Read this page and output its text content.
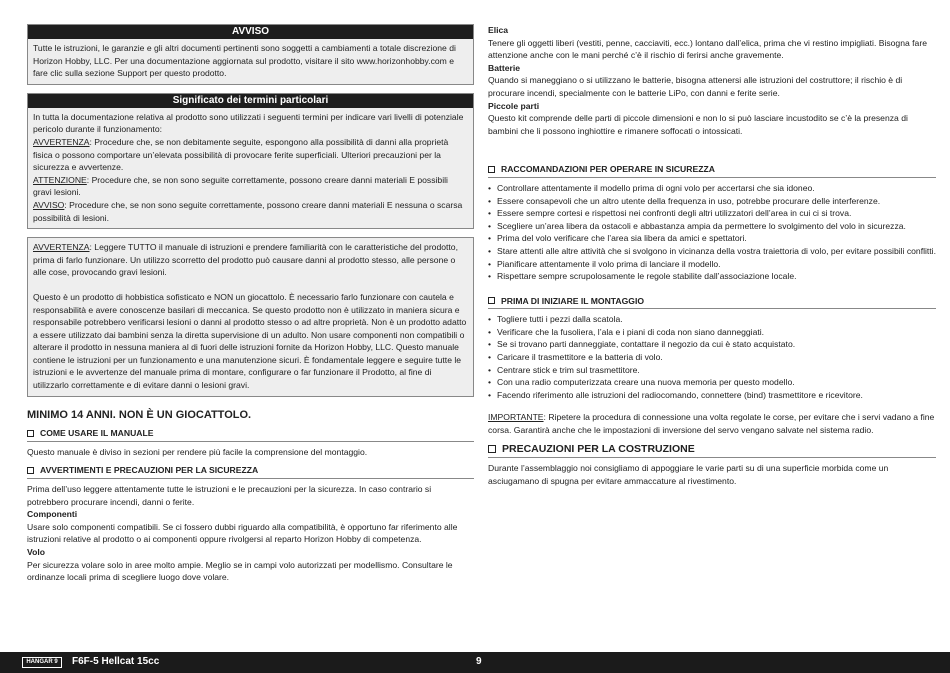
AVVISO

Tutte le istruzioni, le garanzie e gli altri documenti pertinenti sono soggetti a cambiamenti a totale discrezione di Horizon Hobby, LLC. Per una documentazione aggiornata sul prodotto, visitare il sito www.horizonhobby.com e fare clic sulla sezione Support per questo prodotto.

Significato dei termini particolari

In tutta la documentazione relativa al prodotto sono utilizzati i seguenti termini per indicare vari livelli di potenziale pericolo durante il funzionamento:

AVVERTENZA: Procedure che, se non debitamente seguite, espongono alla possibilità di danni alla proprietà fisica o possono comportare un’elevata possibilità di provocare ferite superficiali. Ulteriori precauzioni per la sicurezza e avvertenze.

ATTENZIONE: Procedure che, se non sono seguite correttamente, possono creare danni materiali E possibili gravi lesioni.

AVVISO: Procedure che, se non sono seguite correttamente, possono creare danni materiali E nessuna o scarsa possibilità di lesioni.

AVVERTENZA: Leggere TUTTO il manuale di istruzioni e prendere familiarità con le caratteristiche del prodotto, prima di farlo funzionare. Un utilizzo scorretto del prodotto può causare danni al prodotto stesso, alle persone o alle cose, provocando gravi lesioni.

Questo è un prodotto di hobbistica sofisticato e NON un giocattolo. È necessario farlo funzionare con cautela e responsabilità e avere conoscenze basilari di meccanica. Se questo prodotto non è utilizzato in maniera sicura e responsabile potrebbero verificarsi lesioni o danni al prodotto stesso o ad altre proprietà. Non è un prodotto adatto a essere utilizzato dai bambini senza la diretta supervisione di un adulto. Non usare componenti non compatibili o alterare il prodotto in nessuna maniera al di fuori delle istruzioni fornite da Horizon Hobby, LLC. Questo manuale contiene le istruzioni per un funzionamento e una manutenzione sicuri. È fondamentale leggere e seguire tutte le istruzioni e le avvertenze del manuale prima di montare, configurare o far funzionare il Prodotto, al fine di utilizzarlo correttamente e di evitare danni o lesioni gravi.

MINIMO 14 ANNI. NON È UN GIOCATTOLO.
COME USARE IL MANUALE

Questo manuale è diviso in sezioni per rendere più facile la comprensione del montaggio.

AVVERTIMENTI E PRECAUZIONI PER LA SICUREZZA

Prima dell’uso leggere attentamente tutte le istruzioni e le precauzioni per la sicurezza. In caso contrario si potrebbero procurare incendi, danni o ferite.

Componenti

Usare solo componenti compatibili. Se ci fossero dubbi riguardo alla compatibilità, è opportuno far riferimento alle istruzioni relative al prodotto o ai componenti oppure rivolgersi al reparto Horizon Hobby di competenza.

Volo

Per sicurezza volare solo in aree molto ampie. Meglio se in campi volo autorizzati per modellismo. Consultare le ordinanze locali prima di scegliere luogo dove volare.

Elica

Tenere gli oggetti liberi (vestiti, penne, cacciaviti, ecc.) lontano dall’elica, prima che vi restino impigliati. Bisogna fare attenzione anche con le mani perché c’è il rischio di ferirsi anche gravemente.

Batterie

Quando si maneggiano o si utilizzano le batterie, bisogna attenersi alle istruzioni del costruttore; il rischio è di procurare incendi, specialmente con le batterie LiPo, con danni e ferite serie.

Piccole parti

Questo kit comprende delle parti di piccole dimensioni e non lo si può lasciare incustodito se c’è la presenza di bambini che li possono inghiottire e rimanere soffocati o intossicati.

RACCOMANDAZIONI PER OPERARE IN SICUREZZA
• Controllare attentamente il modello prima di ogni volo per accertarsi che sia idoneo.
• Essere consapevoli che un altro utente della frequenza in uso, potrebbe procurare delle interferenze.
• Essere sempre cortesi e rispettosi nei confronti degli altri utilizzatori dell’area in cui ci si trova.
• Scegliere un’area libera da ostacoli e abbastanza ampia da permettere lo svolgimento del volo in sicurezza.
• Prima del volo verificare che l’area sia libera da amici e spettatori.
• Stare attenti alle altre attività che si svolgono in vicinanza della vostra traiettoria di volo, per evitare possibili conflitti.
• Pianificare attentamente il volo prima di lanciare il modello.
• Rispettare sempre scrupolosamente le regole stabilite dall’associazione locale.
PRIMA DI INIZIARE IL MONTAGGIO
• Togliere tutti i pezzi dalla scatola.
• Verificare che la fusoliera, l’ala e i piani di coda non siano danneggiati.
• Se si trovano parti danneggiate, contattare il negozio da cui è stato acquistato.
• Caricare il trasmettitore e la batteria di volo.
• Centrare stick e trim sul trasmettitore.
• Con una radio computerizzata creare una nuova memoria per questo modello.
• Facendo riferimento alle istruzioni del radiocomando, connettere (bind) trasmettitore e ricevitore.

IMPORTANTE: Ripetere la procedura di connessione una volta regolate le corse, per evitare che i servi vadano a fine corsa. Garantirà anche che le impostazioni di inversione del servo vengano salvate nel sistema radio.

PRECAUZIONI PER LA COSTRUZIONE

Durante l’assemblaggio noi consigliamo di appoggiare le varie parti su di una superficie morbida come un asciugamano di spugna per evitare ammaccature al rivestimento.

HANGAR 9	F6F-5 Hellcat 15cc	9
